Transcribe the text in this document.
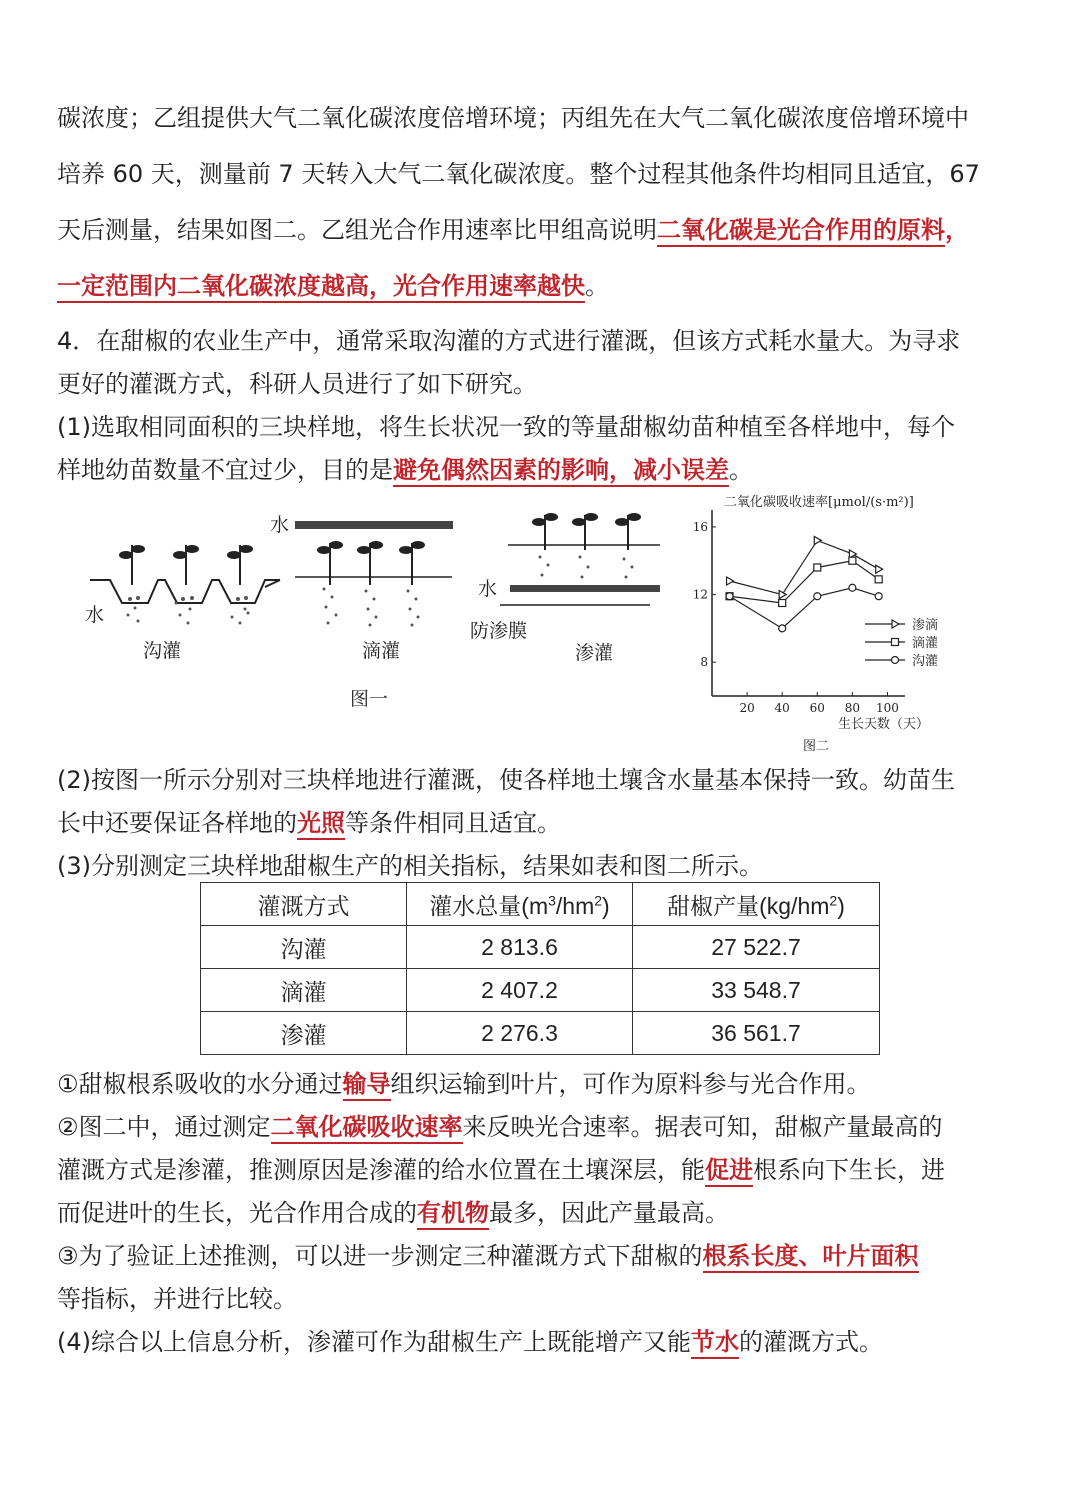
碳浓度；乙组提供大气二氧化碳浓度倍增环境；丙组先在大气二氧化碳浓度倍增环境中
培养 60 天，测量前 7 天转入大气二氧化碳浓度。整个过程其他条件均相同且适宜，67
天后测量，结果如图二。乙组光合作用速率比甲组高说明二氧化碳是光合作用的原料，
一定范围内二氧化碳浓度越高，光合作用速率越快。
4．在甜椒的农业生产中，通常采取沟灌的方式进行灌溉，但该方式耗水量大。为寻求
更好的灌溉方式，科研人员进行了如下研究。
(1)选取相同面积的三块样地，将生长状况一致的等量甜椒幼苗种植至各样地中，每个
样地幼苗数量不宜过少，目的是避免偶然因素的影响，减小误差。
水
水
水
沟灌	滴灌	渗灌
防渗膜
图一
二氧化碳吸收速率[μmol/(s·m²)]
20 40 60 80 100
8
12
16
渗滴
滴灌
沟灌
生长天数（天）
图二
(2)按图一所示分别对三块样地进行灌溉，使各样地土壤含水量基本保持一致。幼苗生
长中还要保证各样地的光照等条件相同且适宜。
(3)分别测定三块样地甜椒生产的相关指标，结果如表和图二所示。
灌溉方式	灌水总量$(m^3/hm^2)$	甜椒产量$(kg/hm^2)$
沟灌	2 813.6	27 522.7
滴灌	2 407.2	33 548.7
渗灌	2 276.3	36 561.7
①甜椒根系吸收的水分通过输导组织运输到叶片，可作为原料参与光合作用。
②图二中，通过测定二氧化碳吸收速率来反映光合速率。据表可知，甜椒产量最高的
灌溉方式是渗灌，推测原因是渗灌的给水位置在土壤深层，能促进根系向下生长，进
而促进叶的生长，光合作用合成的有机物最多，因此产量最高。
③为了验证上述推测，可以进一步测定三种灌溉方式下甜椒的根系长度、叶片面积
等指标，并进行比较。
(4)综合以上信息分析，渗灌可作为甜椒生产上既能增产又能节水的灌溉方式。
